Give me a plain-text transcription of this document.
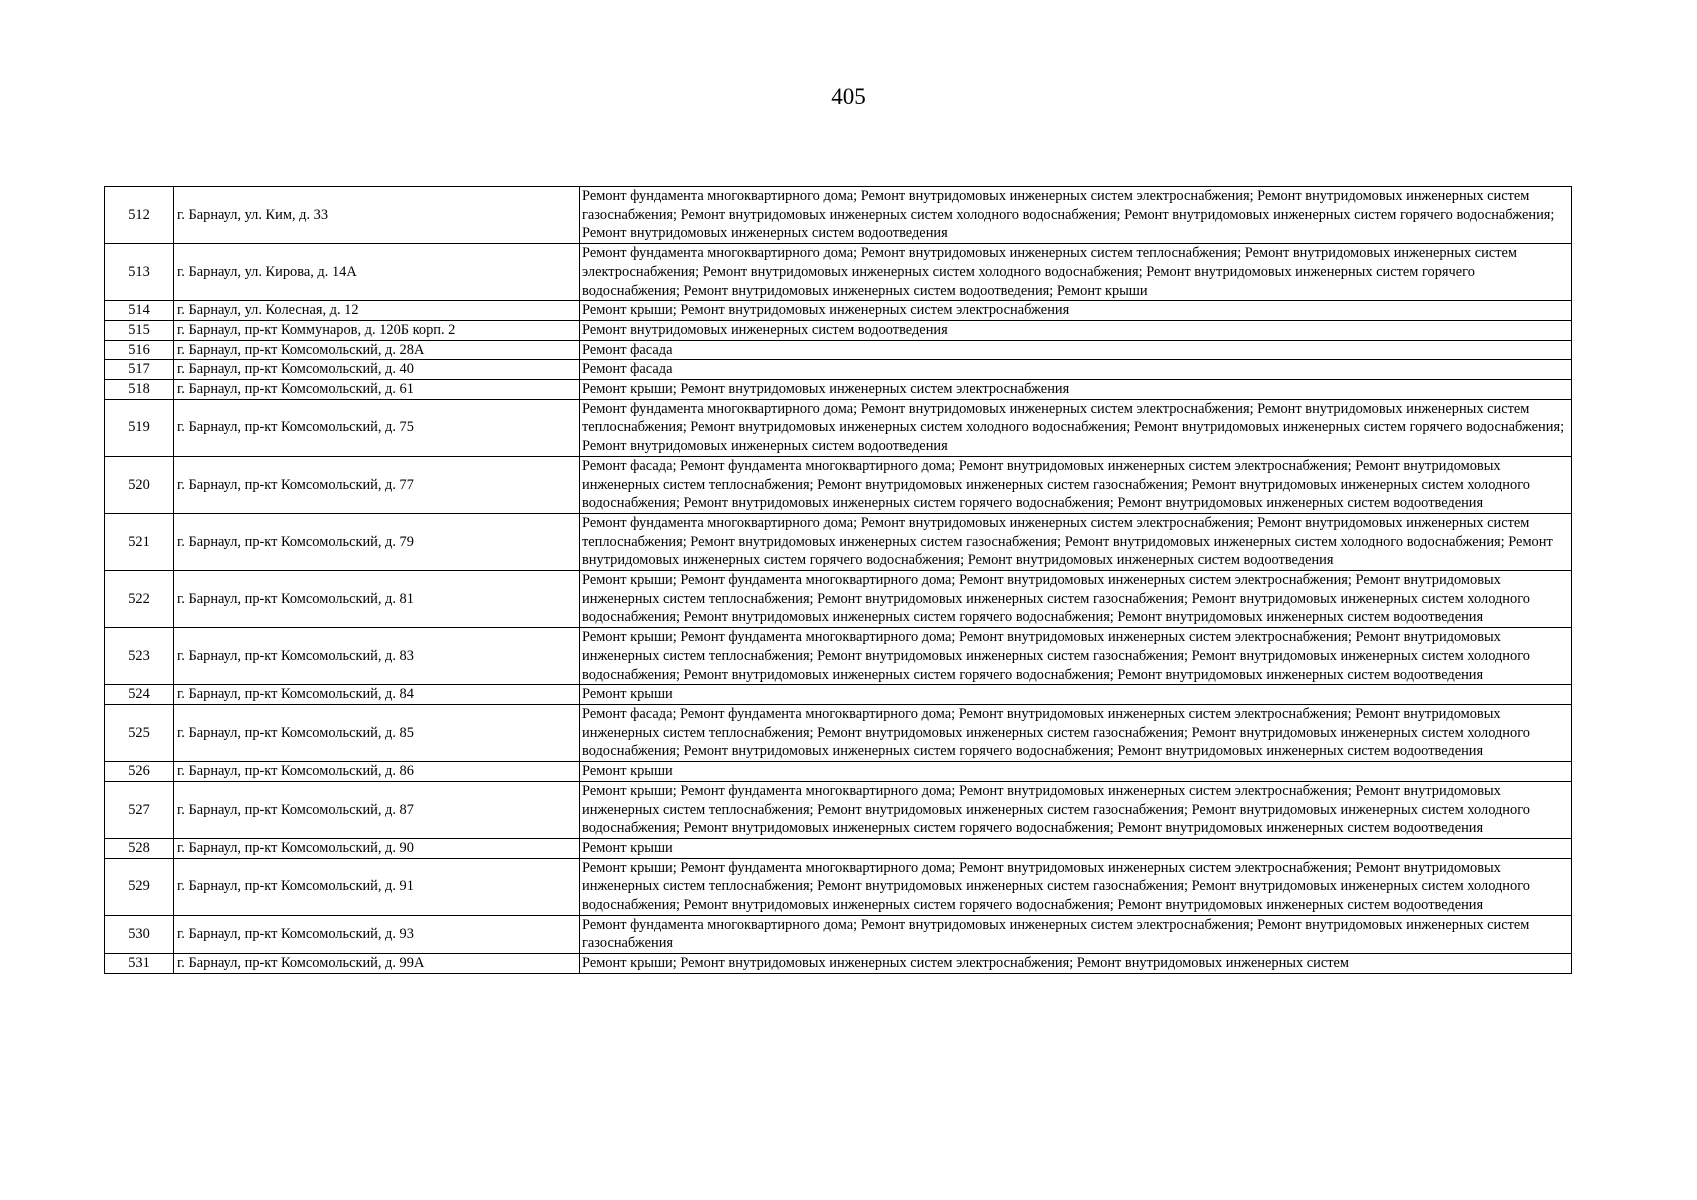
405
512	г. Барнаул, ул. Ким, д. 33	Ремонт фундамента многоквартирного дома; Ремонт внутридомовых инженерных систем электроснабжения; Ремонт внутридомовых инженерных систем газоснабжения; Ремонт внутридомовых инженерных систем холодного водоснабжения; Ремонт внутридомовых инженерных систем горячего водоснабжения; Ремонт внутридомовых инженерных систем водоотведения
513	г. Барнаул, ул. Кирова, д. 14А	Ремонт фундамента многоквартирного дома; Ремонт внутридомовых инженерных систем теплоснабжения; Ремонт внутридомовых инженерных систем электроснабжения; Ремонт внутридомовых инженерных систем холодного водоснабжения; Ремонт внутридомовых инженерных систем горячего водоснабжения; Ремонт внутридомовых инженерных систем водоотведения; Ремонт крыши
514	г. Барнаул, ул. Колесная, д. 12	Ремонт крыши; Ремонт внутридомовых инженерных систем электроснабжения
515	г. Барнаул, пр-кт Коммунаров, д. 120Б корп. 2	Ремонт внутридомовых инженерных систем водоотведения
516	г. Барнаул, пр-кт Комсомольский, д. 28А	Ремонт фасада
517	г. Барнаул, пр-кт Комсомольский, д. 40	Ремонт фасада
518	г. Барнаул, пр-кт Комсомольский, д. 61	Ремонт крыши; Ремонт внутридомовых инженерных систем электроснабжения
519	г. Барнаул, пр-кт Комсомольский, д. 75	Ремонт фундамента многоквартирного дома; Ремонт внутридомовых инженерных систем электроснабжения; Ремонт внутридомовых инженерных систем теплоснабжения; Ремонт внутридомовых инженерных систем холодного водоснабжения; Ремонт внутридомовых инженерных систем горячего водоснабжения; Ремонт внутридомовых инженерных систем водоотведения
520	г. Барнаул, пр-кт Комсомольский, д. 77	Ремонт фасада; Ремонт фундамента многоквартирного дома; Ремонт внутридомовых инженерных систем электроснабжения; Ремонт внутридомовых инженерных систем теплоснабжения; Ремонт внутридомовых инженерных систем газоснабжения; Ремонт внутридомовых инженерных систем холодного водоснабжения; Ремонт внутридомовых инженерных систем горячего водоснабжения; Ремонт внутридомовых инженерных систем водоотведения
521	г. Барнаул, пр-кт Комсомольский, д. 79	Ремонт фундамента многоквартирного дома; Ремонт внутридомовых инженерных систем электроснабжения; Ремонт внутридомовых инженерных систем теплоснабжения; Ремонт внутридомовых инженерных систем газоснабжения; Ремонт внутридомовых инженерных систем холодного водоснабжения; Ремонт внутридомовых инженерных систем горячего водоснабжения; Ремонт внутридомовых инженерных систем водоотведения
522	г. Барнаул, пр-кт Комсомольский, д. 81	Ремонт крыши; Ремонт фундамента многоквартирного дома; Ремонт внутридомовых инженерных систем электроснабжения; Ремонт внутридомовых инженерных систем теплоснабжения; Ремонт внутридомовых инженерных систем газоснабжения; Ремонт внутридомовых инженерных систем холодного водоснабжения; Ремонт внутридомовых инженерных систем горячего водоснабжения; Ремонт внутридомовых инженерных систем водоотведения
523	г. Барнаул, пр-кт Комсомольский, д. 83	Ремонт крыши; Ремонт фундамента многоквартирного дома; Ремонт внутридомовых инженерных систем электроснабжения; Ремонт внутридомовых инженерных систем теплоснабжения; Ремонт внутридомовых инженерных систем газоснабжения; Ремонт внутридомовых инженерных систем холодного водоснабжения; Ремонт внутридомовых инженерных систем горячего водоснабжения; Ремонт внутридомовых инженерных систем водоотведения
524	г. Барнаул, пр-кт Комсомольский, д. 84	Ремонт крыши
525	г. Барнаул, пр-кт Комсомольский, д. 85	Ремонт фасада; Ремонт фундамента многоквартирного дома; Ремонт внутридомовых инженерных систем электроснабжения; Ремонт внутридомовых инженерных систем теплоснабжения; Ремонт внутридомовых инженерных систем газоснабжения; Ремонт внутридомовых инженерных систем холодного водоснабжения; Ремонт внутридомовых инженерных систем горячего водоснабжения; Ремонт внутридомовых инженерных систем водоотведения
526	г. Барнаул, пр-кт Комсомольский, д. 86	Ремонт крыши
527	г. Барнаул, пр-кт Комсомольский, д. 87	Ремонт крыши; Ремонт фундамента многоквартирного дома; Ремонт внутридомовых инженерных систем электроснабжения; Ремонт внутридомовых инженерных систем теплоснабжения; Ремонт внутридомовых инженерных систем газоснабжения; Ремонт внутридомовых инженерных систем холодного водоснабжения; Ремонт внутридомовых инженерных систем горячего водоснабжения; Ремонт внутридомовых инженерных систем водоотведения
528	г. Барнаул, пр-кт Комсомольский, д. 90	Ремонт крыши
529	г. Барнаул, пр-кт Комсомольский, д. 91	Ремонт крыши; Ремонт фундамента многоквартирного дома; Ремонт внутридомовых инженерных систем электроснабжения; Ремонт внутридомовых инженерных систем теплоснабжения; Ремонт внутридомовых инженерных систем газоснабжения; Ремонт внутридомовых инженерных систем холодного водоснабжения; Ремонт внутридомовых инженерных систем горячего водоснабжения; Ремонт внутридомовых инженерных систем водоотведения
530	г. Барнаул, пр-кт Комсомольский, д. 93	Ремонт фундамента многоквартирного дома; Ремонт внутридомовых инженерных систем электроснабжения; Ремонт внутридомовых инженерных систем газоснабжения
531	г. Барнаул, пр-кт Комсомольский, д. 99А	Ремонт крыши; Ремонт внутридомовых инженерных систем электроснабжения; Ремонт внутридомовых инженерных систем
